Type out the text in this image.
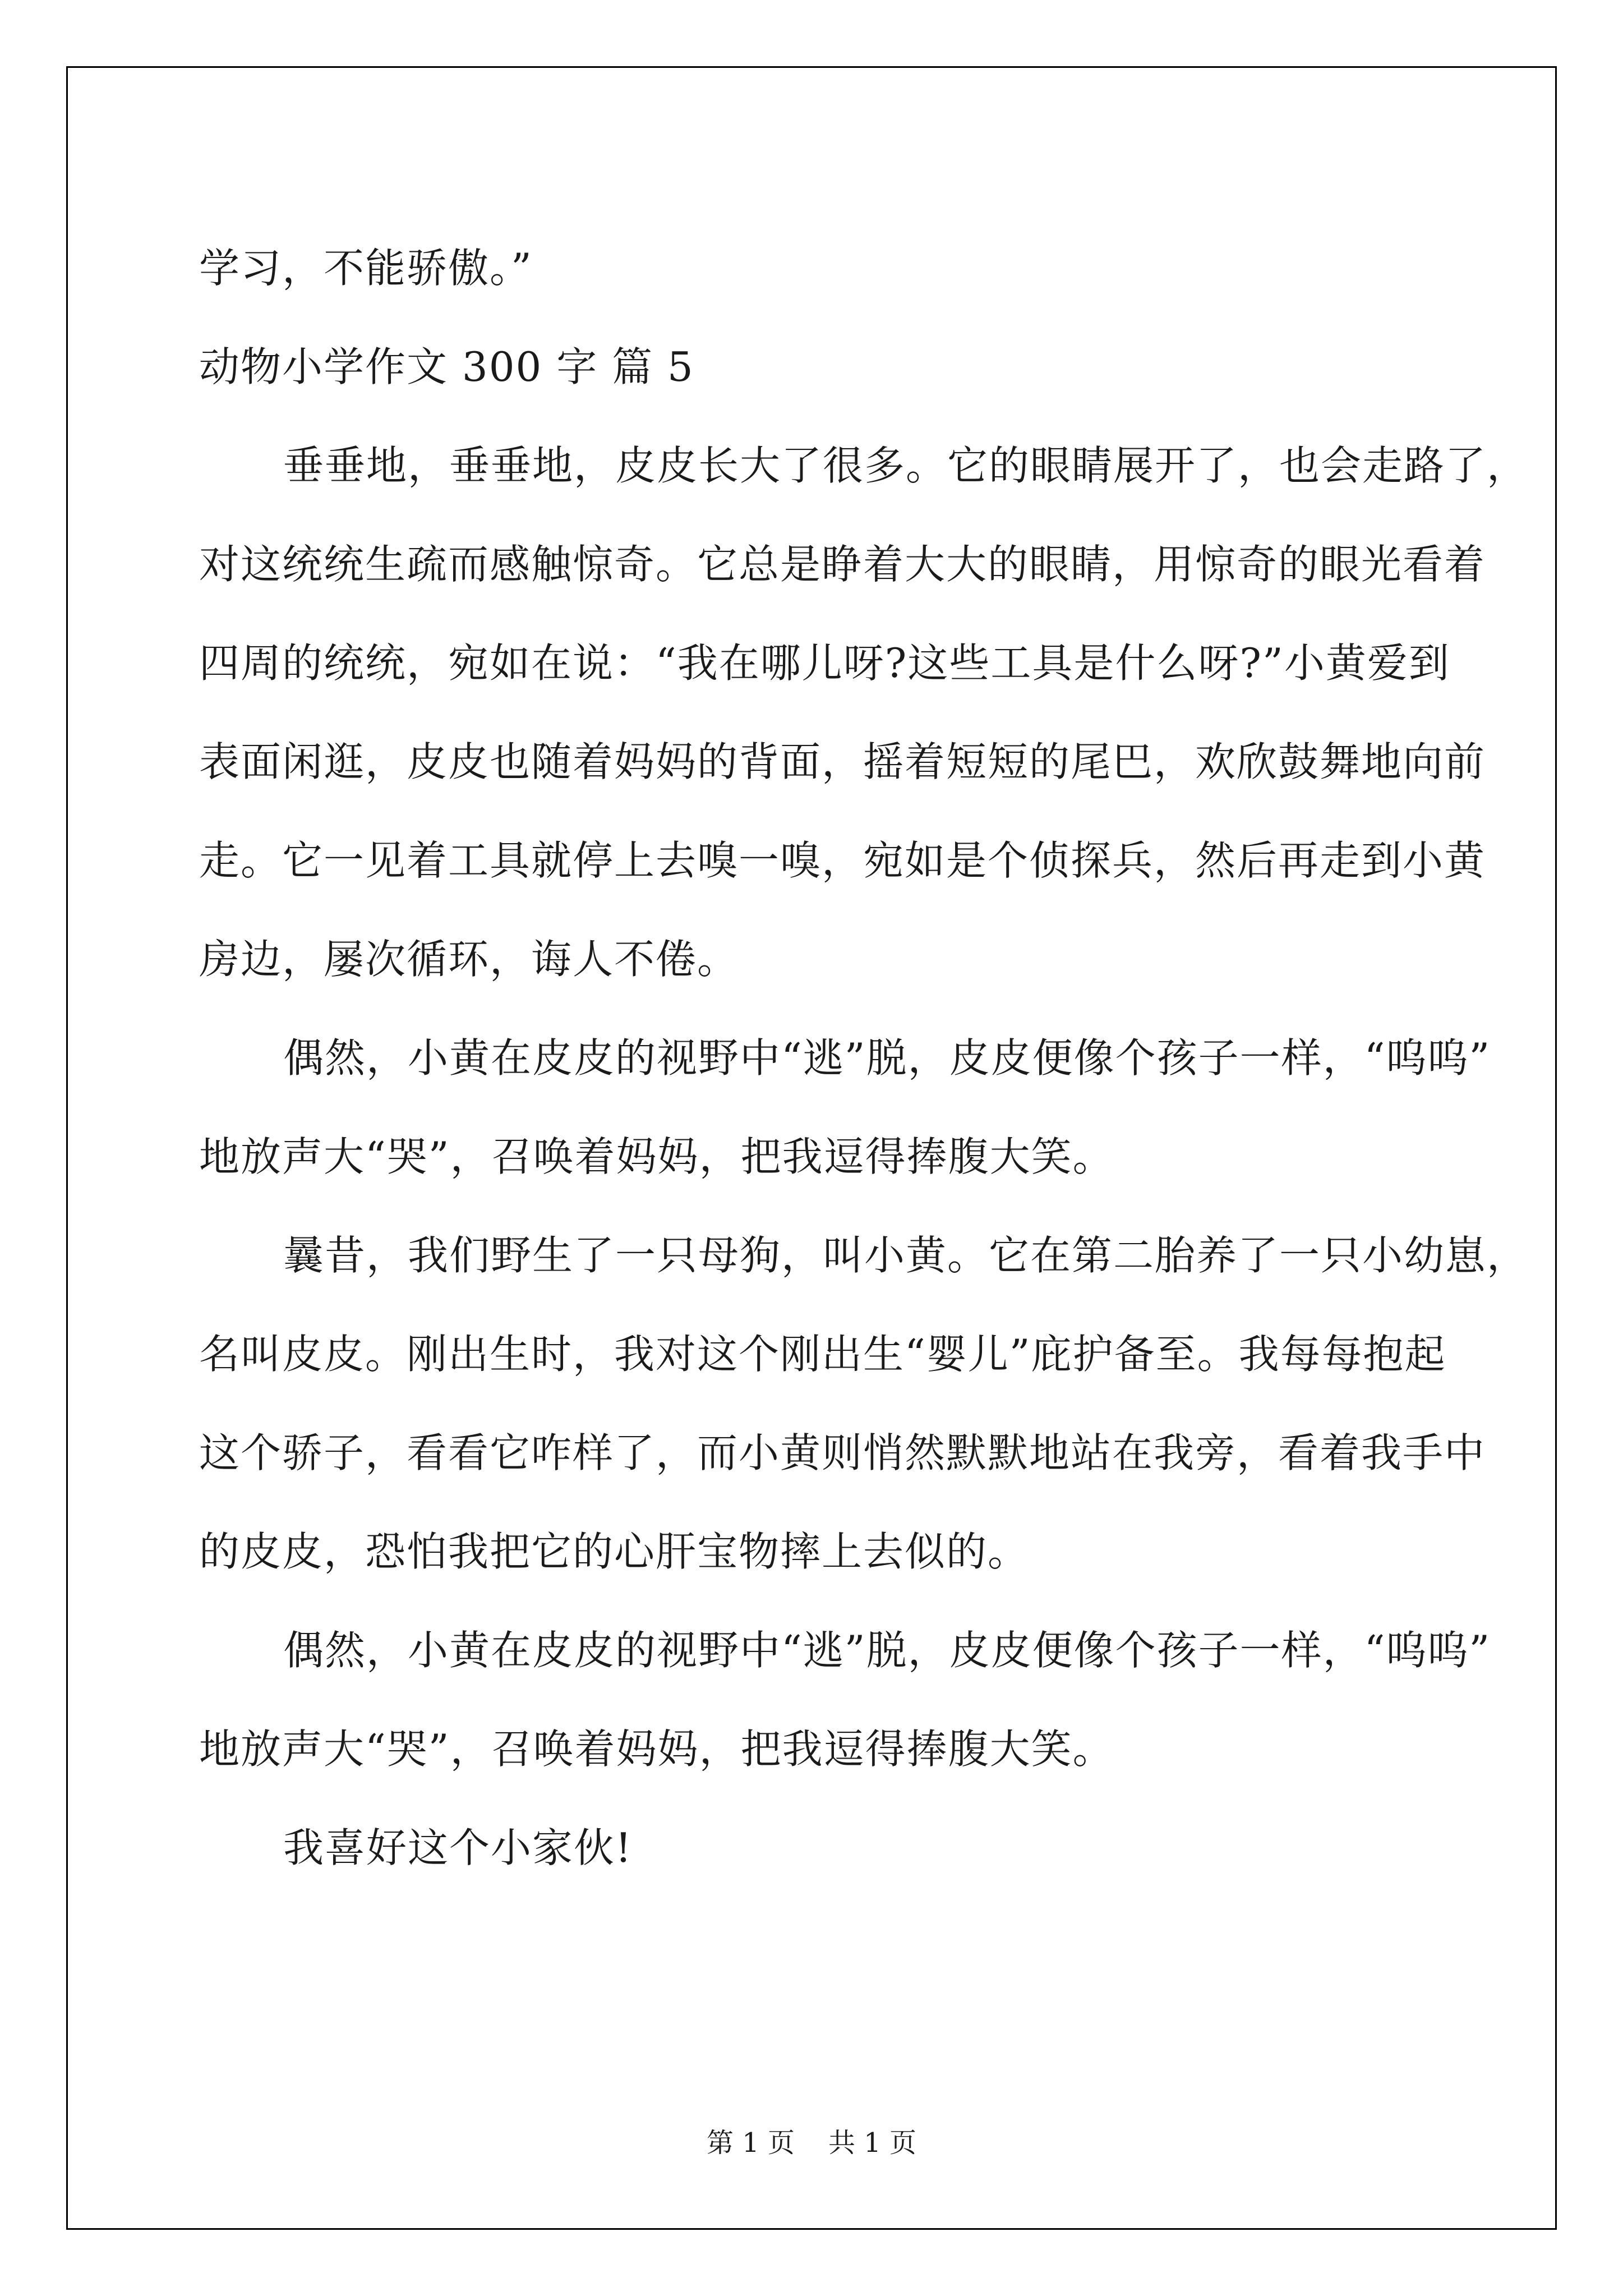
学习，不能骄傲。”
动物小学作文 300 字 篇 5
垂垂地，垂垂地，皮皮长大了很多。它的眼睛展开了，也会走路了，
对这统统生疏而感触惊奇。它总是睁着大大的眼睛，用惊奇的眼光看着
四周的统统，宛如在说：“我在哪儿呀?这些工具是什么呀?”小黄爱到
表面闲逛，皮皮也随着妈妈的背面，摇着短短的尾巴，欢欣鼓舞地向前
走。它一见着工具就停上去嗅一嗅，宛如是个侦探兵，然后再走到小黄
房边，屡次循环，诲人不倦。
偶然，小黄在皮皮的视野中“逃”脱，皮皮便像个孩子一样，“呜呜”
地放声大“哭”，召唤着妈妈，把我逗得捧腹大笑。
曩昔，我们野生了一只母狗，叫小黄。它在第二胎养了一只小幼崽，
名叫皮皮。刚出生时，我对这个刚出生“婴儿”庇护备至。我每每抱起
这个骄子，看看它咋样了，而小黄则悄然默默地站在我旁，看着我手中
的皮皮，恐怕我把它的心肝宝物摔上去似的。
偶然，小黄在皮皮的视野中“逃”脱，皮皮便像个孩子一样，“呜呜”
地放声大“哭”，召唤着妈妈，把我逗得捧腹大笑。
我喜好这个小家伙!
第 1 页 共 1 页
